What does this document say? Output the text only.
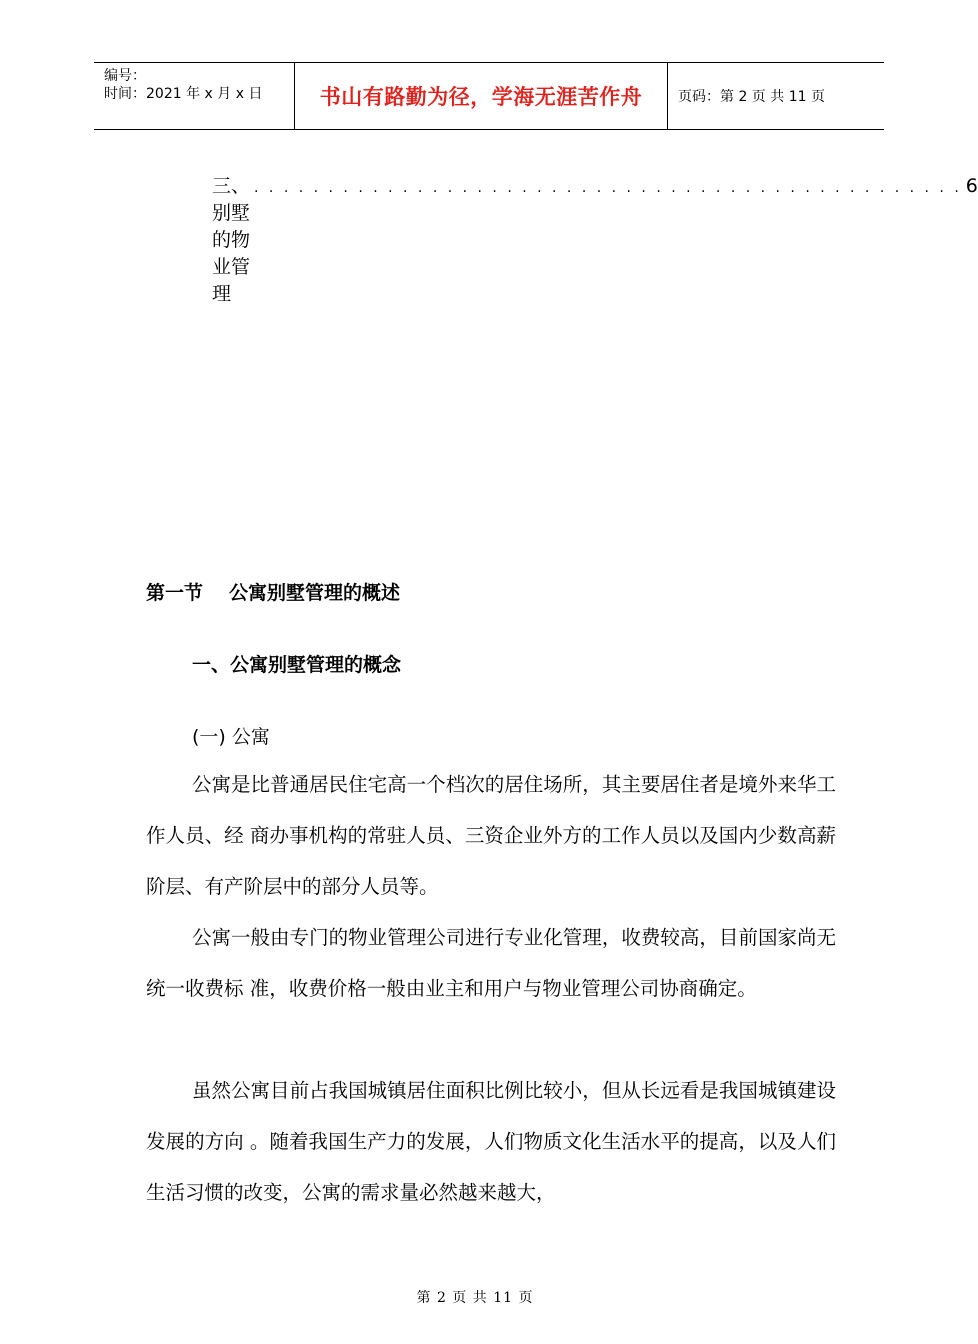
编号：
时间：2021 年 x 月 x 日	书山有路勤为径，学海无涯苦作舟	页码：第 2 页 共 11 页
三、别墅的物业管理
. . . . . . . . . . . . . . . . . . . . . . . . . . . . . . . . . . . . . . . . . . . . . . . . 6
第一节 公寓别墅管理的概述
一、公寓别墅管理的概念
(一) 公寓
公寓是比普通居民住宅高一个档次的居住场所，其主要居住者是境外来华工作人员、经 商办事机构的常驻人员、三资企业外方的工作人员以及国内少数高薪阶层、有产阶层中的部分人员等。
公寓一般由专门的物业管理公司进行专业化管理，收费较高，目前国家尚无统一收费标 准，收费价格一般由业主和用户与物业管理公司协商确定。
虽然公寓目前占我国城镇居住面积比例比较小，但从长远看是我国城镇建设发展的方向 。随着我国生产力的发展，人们物质文化生活水平的提高，以及人们生活习惯的改变，公寓的需求量必然越来越大，
第 2 页 共 11 页
